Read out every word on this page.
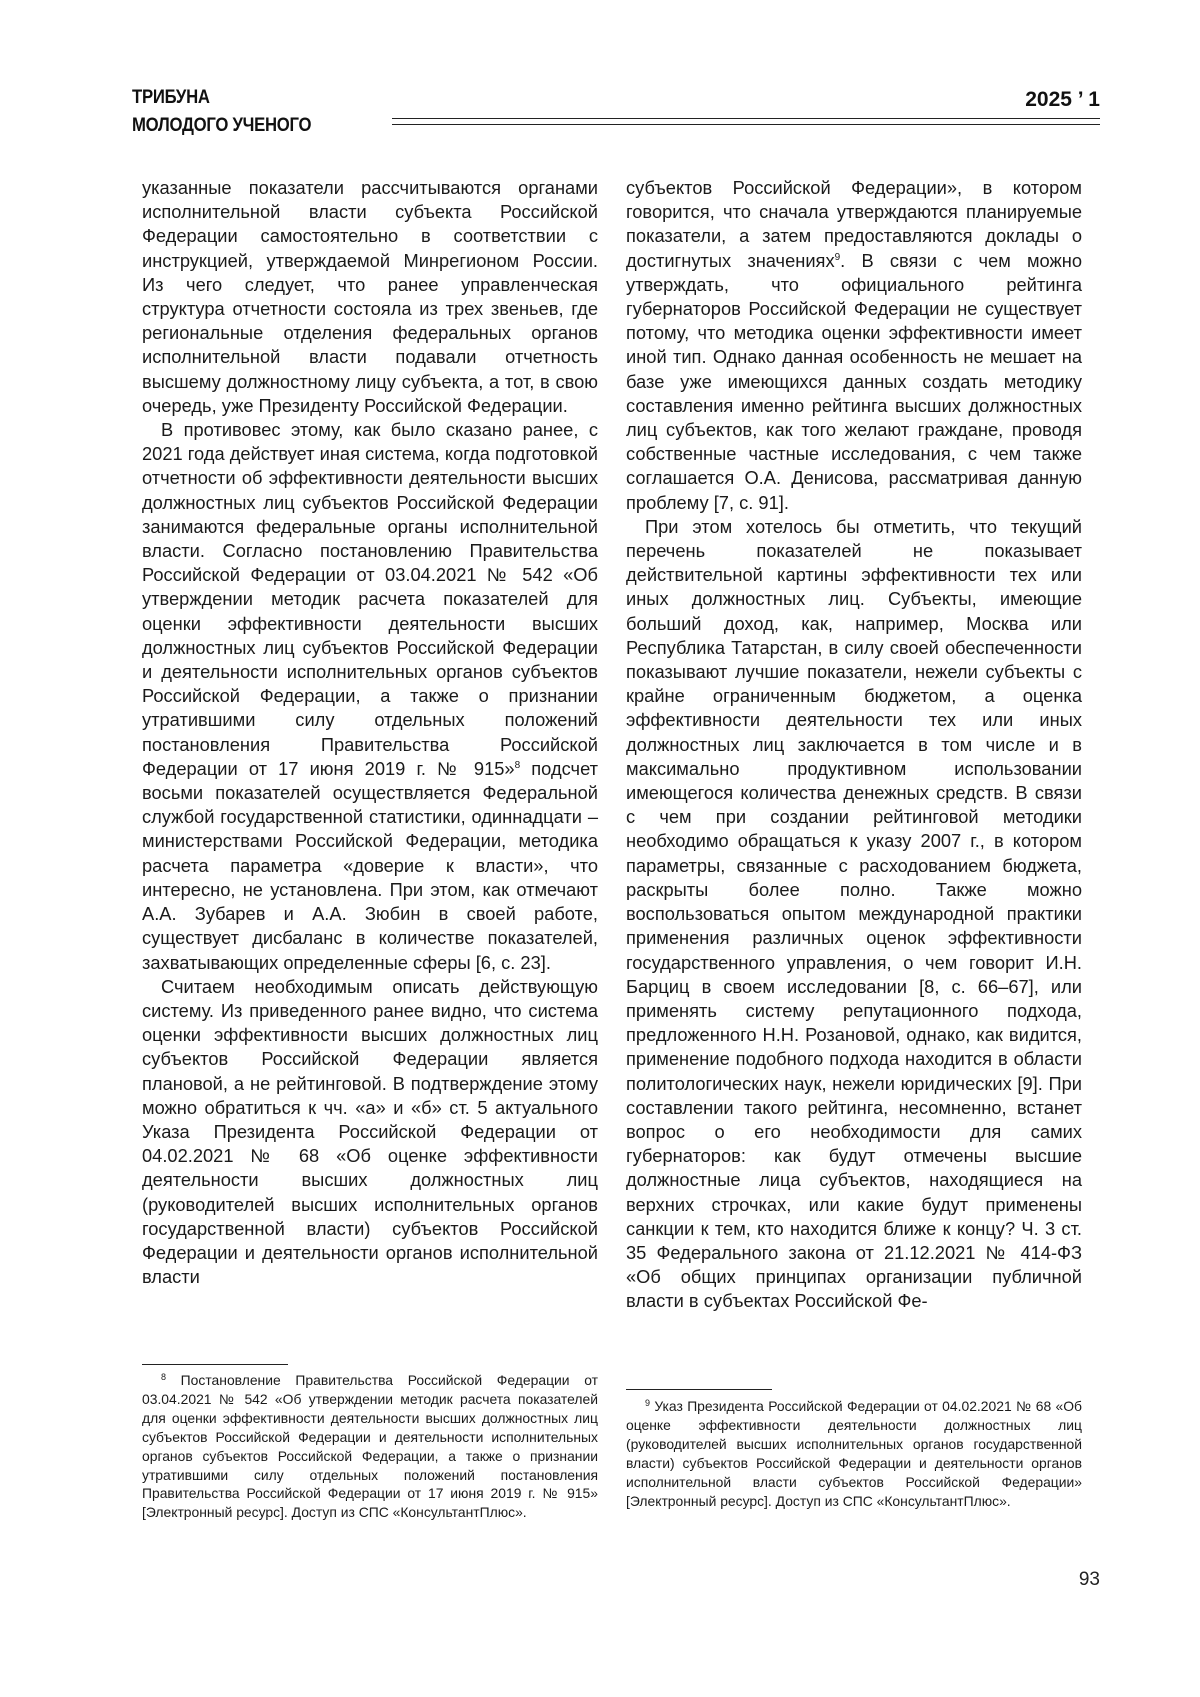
ТРИБУНА
МОЛОДОГО УЧЕНОГО
2025 ’ 1

указанные показатели рассчитываются органами исполнительной власти субъекта Российской Федерации самостоятельно в соответствии с инструкцией, утверждаемой Минрегионом России. Из чего следует, что ранее управленческая структура отчетности состояла из трех звеньев, где региональные отделения федеральных органов исполнительной власти подавали отчетность высшему должностному лицу субъекта, а тот, в свою очередь, уже Президенту Российской Федерации.

В противовес этому, как было сказано ранее, с 2021 года действует иная система, когда подготовкой отчетности об эффективности деятельности высших должностных лиц субъектов Российской Федерации занимаются федеральные органы исполнительной власти. Согласно постановлению Правительства Российской Федерации от 03.04.2021 № 542 «Об утверждении методик расчета показателей для оценки эффективности деятельности высших должностных лиц субъектов Российской Федерации и деятельности исполнительных органов субъектов Российской Федерации, а также о признании утратившими силу отдельных положений постановления Правительства Российской Федерации от 17 июня 2019 г. № 915»$^8$ подсчет восьми показателей осуществляется Федеральной службой государственной статистики, одиннадцати – министерствами Российской Федерации, методика расчета параметра «доверие к власти», что интересно, не установлена. При этом, как отмечают А.А. Зубарев и А.А. Зюбин в своей работе, существует дисбаланс в количестве показателей, захватывающих определенные сферы [6, с. 23].

Считаем необходимым описать действующую систему. Из приведенного ранее видно, что система оценки эффективности высших должностных лиц субъектов Российской Федерации является плановой, а не рейтинговой. В подтверждение этому можно обратиться к чч. «а» и «б» ст. 5 актуального Указа Президента Российской Федерации от 04.02.2021 № 68 «Об оценке эффективности деятельности высших должностных лиц (руководителей высших исполнительных органов государственной власти) субъектов Российской Федерации и деятельности органов исполнительной власти

субъектов Российской Федерации», в котором говорится, что сначала утверждаются планируемые показатели, а затем предоставляются доклады о достигнутых значениях$^9$. В связи с чем можно утверждать, что официального рейтинга губернаторов Российской Федерации не существует потому, что методика оценки эффективности имеет иной тип. Однако данная особенность не мешает на базе уже имеющихся данных создать методику составления именно рейтинга высших должностных лиц субъектов, как того желают граждане, проводя собственные частные исследования, с чем также соглашается О.А. Денисова, рассматривая данную проблему [7, с. 91].

При этом хотелось бы отметить, что текущий перечень показателей не показывает действительной картины эффективности тех или иных должностных лиц. Субъекты, имеющие больший доход, как, например, Москва или Республика Татарстан, в силу своей обеспеченности показывают лучшие показатели, нежели субъекты с крайне ограниченным бюджетом, а оценка эффективности деятельности тех или иных должностных лиц заключается в том числе и в максимально продуктивном использовании имеющегося количества денежных средств. В связи с чем при создании рейтинговой методики необходимо обращаться к указу 2007 г., в котором параметры, связанные с расходованием бюджета, раскрыты более полно. Также можно воспользоваться опытом международной практики применения различных оценок эффективности государственного управления, о чем говорит И.Н. Барциц в своем исследовании [8, с. 66–67], или применять систему репутационного подхода, предложенного Н.Н. Розановой, однако, как видится, применение подобного подхода находится в области политологических наук, нежели юридических [9]. При составлении такого рейтинга, несомненно, встанет вопрос о его необходимости для самих губернаторов: как будут отмечены высшие должностные лица субъектов, находящиеся на верхних строчках, или какие будут применены санкции к тем, кто находится ближе к концу? Ч. 3 ст. 35 Федерального закона от 21.12.2021 № 414-ФЗ «Об общих принципах организации публичной власти в субъектах Российской Фе-

$^8$ Постановление Правительства Российской Федерации от 03.04.2021 № 542 «Об утверждении методик расчета показателей для оценки эффективности деятельности высших должностных лиц субъектов Российской Федерации и деятельности исполнительных органов субъектов Российской Федерации, а также о признании утратившими силу отдельных положений постановления Правительства Российской Федерации от 17 июня 2019 г. № 915» [Электронный ресурс]. Доступ из СПС «КонсультантПлюс».

$^9$ Указ Президента Российской Федерации от 04.02.2021 № 68 «Об оценке эффективности деятельности должностных лиц (руководителей высших исполнительных органов государственной власти) субъектов Российской Федерации и деятельности органов исполнительной власти субъектов Российской Федерации» [Электронный ресурс]. Доступ из СПС «КонсультантПлюс».

93
